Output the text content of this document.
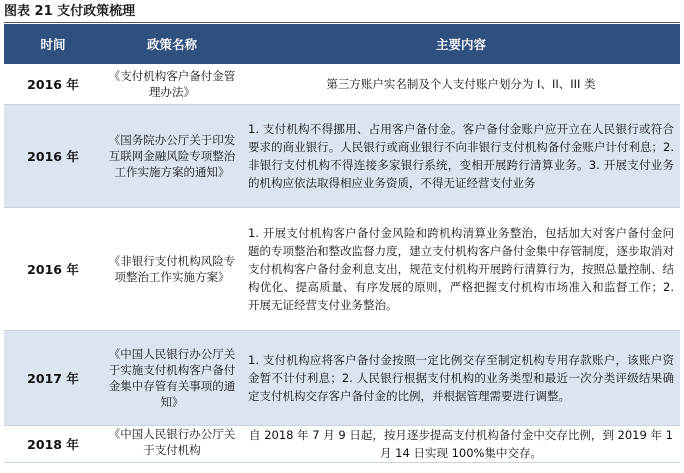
图表 21 支付政策梳理
时间	政策名称	主要内容
2016 年	《支付机构客户备付金管理办法》	第三方账户实名制及个人支付账户划分为 I、II、III 类
2016 年	《国务院办公厅关于印发互联网金融风险专项整治工作实施方案的通知》	1. 支付机构不得挪用、占用客户备付金。客户备付金账户应开立在人民银行或符合要求的商业银行。人民银行或商业银行不向非银行支付机构备付金账户计付利息；2. 非银行支付机构不得连接多家银行系统，变相开展跨行清算业务。3. 开展支付业务的机构应依法取得相应业务资质，不得无证经营支付业务
2016 年	《非银行支付机构风险专项整治工作实施方案》	1. 开展支付机构客户备付金风险和跨机构清算业务整治，包括加大对客户备付金问题的专项整治和整改监督力度，建立支付机构客户备付金集中存管制度，逐步取消对支付机构客户备付金利息支出，规范支付机构开展跨行清算行为，按照总量控制、结构优化、提高质量、有序发展的原则，严格把握支付机构市场准入和监督工作；2. 开展无证经营支付业务整治。
2017 年	《中国人民银行办公厅关于实施支付机构客户备付金集中存管有关事项的通知》	1. 支付机构应将客户备付金按照一定比例交存至制定机构专用存款账户，该账户资金暂不计付利息；2. 人民银行根据支付机构的业务类型和最近一次分类评级结果确定支付机构交存客户备付金的比例，并根据管理需要进行调整。
2018 年	《中国人民银行办公厅关于支付机构	自 2018 年 7 月 9 日起，按月逐步提高支付机构备付金中交存比例，到 2019 年 1 月 14 日实现 100%集中交存。
